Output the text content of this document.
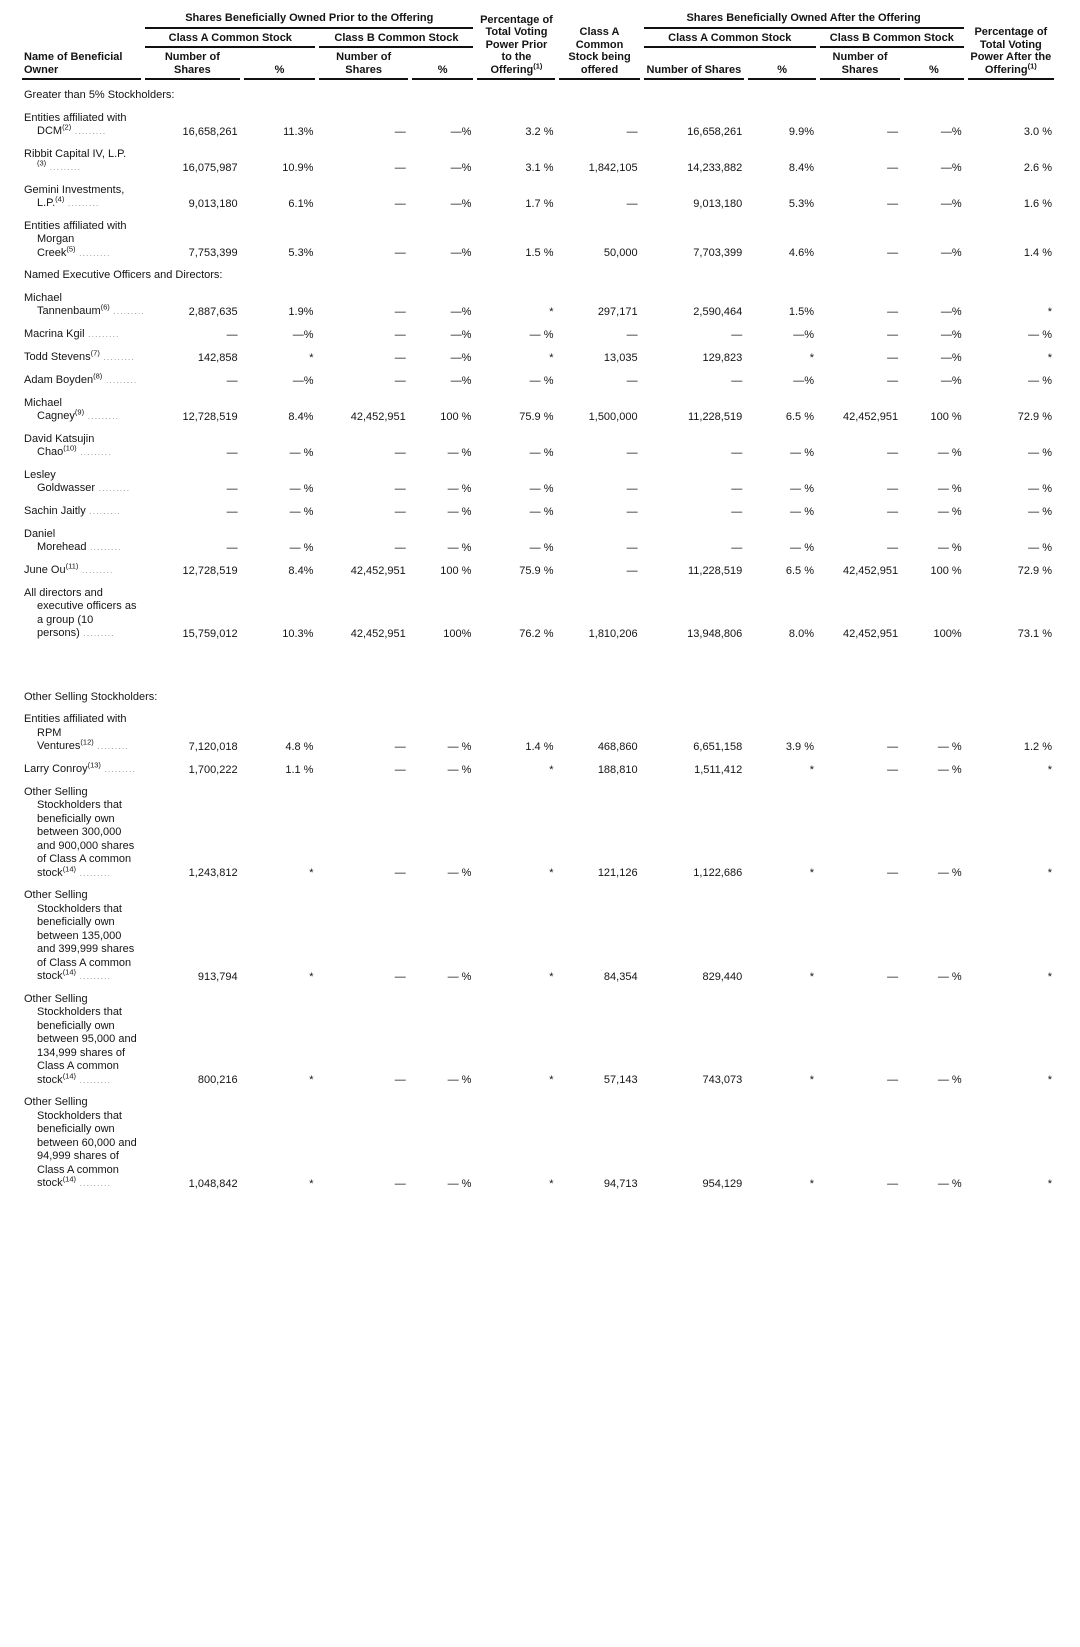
Name of Beneficial Owner	Shares Beneficially Owned Prior to the Offering				Percentage of Total Voting Power Prior to the Offering$^{(1)}$	Class A Common Stock being offered	Shares Beneficially Owned After the Offering				Percentage of Total Voting Power After the Offering$^{(1)}$
	Class A Common Stock		Class B Common Stock				Class A Common Stock		Class B Common Stock		
	Number of Shares	%	Number of Shares	%			Number of Shares	%	Number of Shares	%	
Greater than 5% Stockholders:											
Entities affiliated with DCM$^{(2)}$ .....	16,658,261	11.3%	—	—%	3.2 %	—	16,658,261	9.9%	—	—%	3.0 %
Ribbit Capital IV, L.P.$^{(3)}$ .....	16,075,987	10.9%	—	—%	3.1 %	1,842,105	14,233,882	8.4%	—	—%	2.6 %
Gemini Investments, L.P.$^{(4)}$ .....	9,013,180	6.1%	—	—%	1.7 %	—	9,013,180	5.3%	—	—%	1.6 %
Entities affiliated with Morgan Creek$^{(5)}$ .....	7,753,399	5.3%	—	—%	1.5 %	50,000	7,703,399	4.6%	—	—%	1.4 %
Named Executive Officers and Directors:											
Michael Tannenbaum$^{(6)}$ .....	2,887,635	1.9%	—	—%	*	297,171	2,590,464	1.5%	—	—%	*
Macrina Kgil .....	—	—%	—	—%	— %	—	—	—%	—	—%	— %
Todd Stevens$^{(7)}$ .....	142,858	*	—	—%	*	13,035	129,823	*	—	—%	*
Adam Boyden$^{(8)}$ .....	—	—%	—	—%	— %	—	—	—%	—	—%	— %
Michael Cagney$^{(9)}$ .....	12,728,519	8.4%	42,452,951	100 %	75.9 %	1,500,000	11,228,519	6.5 %	42,452,951	100 %	72.9 %
David Katsujin Chao$^{(10)}$ .....	—	— %	—	— %	— %	—	—	— %	—	— %	— %
Lesley Goldwasser .....	—	— %	—	— %	— %	—	—	— %	—	— %	— %
Sachin Jaitly .....	—	— %	—	— %	— %	—	—	— %	—	— %	— %
Daniel Morehead .....	—	— %	—	— %	— %	—	—	— %	—	— %	— %
June Ou$^{(11)}$ .....	12,728,519	8.4%	42,452,951	100 %	75.9 %	—	11,228,519	6.5 %	42,452,951	100 %	72.9 %
All directors and executive officers as a group (10 persons) .....	15,759,012	10.3%	42,452,951	100%	76.2 %	1,810,206	13,948,806	8.0%	42,452,951	100%	73.1 %
Other Selling Stockholders:											
Entities affiliated with RPM Ventures$^{(12)}$ .....	7,120,018	4.8 %	—	— %	1.4 %	468,860	6,651,158	3.9 %	—	— %	1.2 %
Larry Conroy$^{(13)}$ .....	1,700,222	1.1 %	—	— %	*	188,810	1,511,412	*	—	— %	*
Other Selling Stockholders that beneficially own between 300,000 and 900,000 shares of Class A common stock$^{(14)}$ .....	1,243,812	*	—	— %	*	121,126	1,122,686	*	—	— %	*
Other Selling Stockholders that beneficially own between 135,000 and 399,999 shares of Class A common stock$^{(14)}$ .....	913,794	*	—	— %	*	84,354	829,440	*	—	— %	*
Other Selling Stockholders that beneficially own between 95,000 and 134,999 shares of Class A common stock$^{(14)}$ .....	800,216	*	—	— %	*	57,143	743,073	*	—	— %	*
Other Selling Stockholders that beneficially own between 60,000 and 94,999 shares of Class A common stock$^{(14)}$ .....	1,048,842	*	—	— %	*	94,713	954,129	*	—	— %	*
